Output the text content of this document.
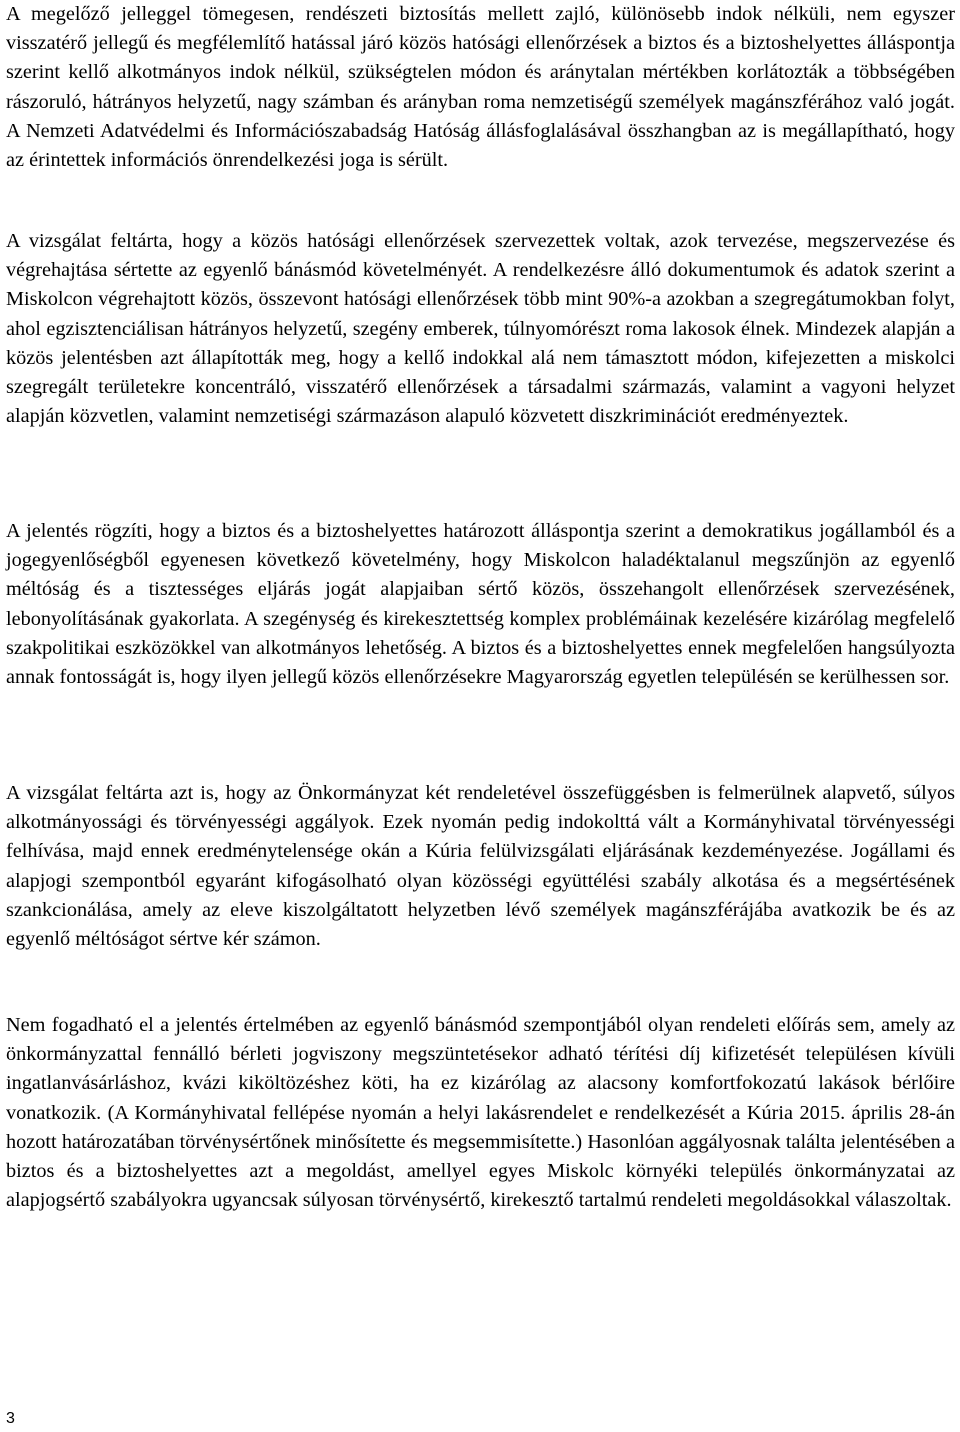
A megelőző jelleggel tömegesen, rendészeti biztosítás mellett zajló, különösebb indok nélküli, nem egyszer visszatérő jellegű és megfélemlítő hatással járó közös hatósági ellenőrzések a biztos és a biztoshelyettes álláspontja szerint kellő alkotmányos indok nélkül, szükségtelen módon és aránytalan mértékben korlátozták a többségében rászoruló, hátrányos helyzetű, nagy számban és arányban roma nemzetiségű személyek magánszférához való jogát. A Nemzeti Adatvédelmi és Információszabadság Hatóság állásfoglalásával összhangban az is megállapítható, hogy az érintettek információs önrendelkezési joga is sérült.

A vizsgálat feltárta, hogy a közös hatósági ellenőrzések szervezettek voltak, azok tervezése, megszervezése és végrehajtása sértette az egyenlő bánásmód követelményét. A rendelkezésre álló dokumentumok és adatok szerint a Miskolcon végrehajtott közös, összevont hatósági ellenőrzések több mint 90%-a azokban a szegregátumokban folyt, ahol egzisztenciálisan hátrányos helyzetű, szegény emberek, túlnyomórészt roma lakosok élnek. Mindezek alapján a közös jelentésben azt állapították meg, hogy a kellő indokkal alá nem támasztott módon, kifejezetten a miskolci szegregált területekre koncentráló, visszatérő ellenőrzések a társadalmi származás, valamint a vagyoni helyzet alapján közvetlen, valamint nemzetiségi származáson alapuló közvetett diszkriminációt eredményeztek.

A jelentés rögzíti, hogy a biztos és a biztoshelyettes határozott álláspontja szerint a demokratikus jogállamból és a jogegyenlőségből egyenesen következő követelmény, hogy Miskolcon haladéktalanul megszűnjön az egyenlő méltóság és a tisztességes eljárás jogát alapjaiban sértő közös, összehangolt ellenőrzések szervezésének, lebonyolításának gyakorlata. A szegénység és kirekesztettség komplex problémáinak kezelésére kizárólag megfelelő szakpolitikai eszközökkel van alkotmányos lehetőség. A biztos és a biztoshelyettes ennek megfelelően hangsúlyozta annak fontosságát is, hogy ilyen jellegű közös ellenőrzésekre Magyarország egyetlen településén se kerülhessen sor.

A vizsgálat feltárta azt is, hogy az Önkormányzat két rendeletével összefüggésben is felmerülnek alapvető, súlyos alkotmányossági és törvényességi aggályok. Ezek nyomán pedig indokolttá vált a Kormányhivatal törvényességi felhívása, majd ennek eredménytelensége okán a Kúria felülvizsgálati eljárásának kezdeményezése. Jogállami és alapjogi szempontból egyaránt kifogásolható olyan közösségi együttélési szabály alkotása és a megsértésének szankcionálása, amely az eleve kiszolgáltatott helyzetben lévő személyek magánszférájába avatkozik be és az egyenlő méltóságot sértve kér számon.

Nem fogadható el a jelentés értelmében az egyenlő bánásmód szempontjából olyan rendeleti előírás sem, amely az önkormányzattal fennálló bérleti jogviszony megszüntetésekor adható térítési díj kifizetését településen kívüli ingatlanvásárláshoz, kvázi kiköltözéshez köti, ha ez kizárólag az alacsony komfortfokozatú lakások bérlőire vonatkozik. (A Kormányhivatal fellépése nyomán a helyi lakásrendelet e rendelkezését a Kúria 2015. április 28-án hozott határozatában törvénysértőnek minősítette és megsemmisítette.) Hasonlóan aggályosnak találta jelentésében a biztos és a biztoshelyettes azt a megoldást, amellyel egyes Miskolc környéki település önkormányzatai az alapjogsértő szabályokra ugyancsak súlyosan törvénysértő, kirekesztő tartalmú rendeleti megoldásokkal válaszoltak.

3
